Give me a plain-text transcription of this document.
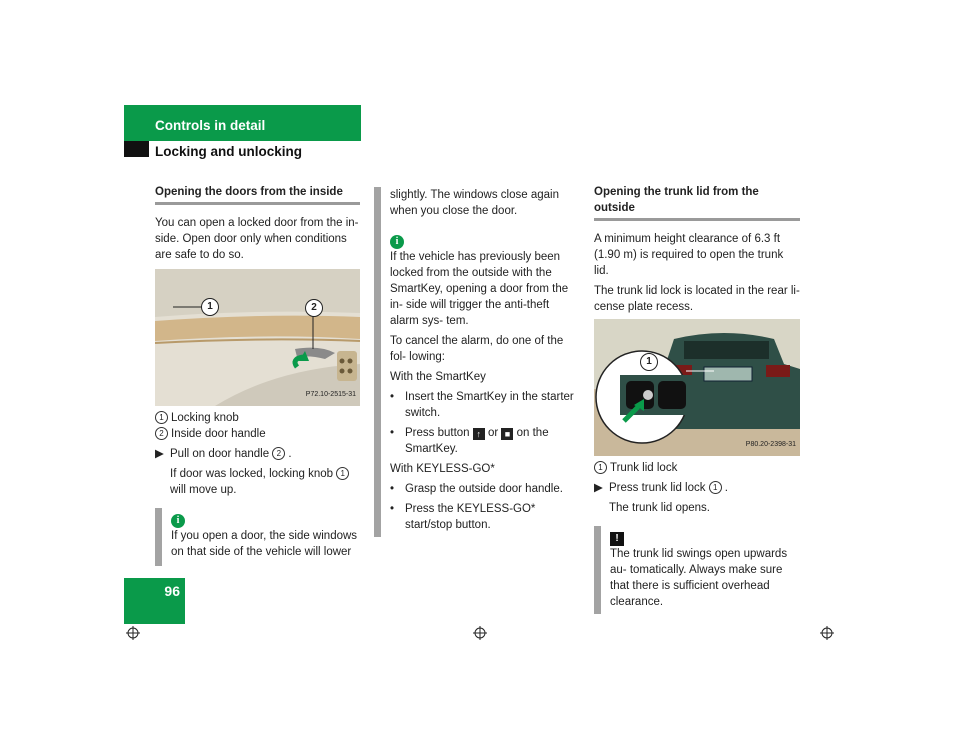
Controls in detail
Locking and unlocking
Opening the doors from the inside

You can open a locked door from the in- side. Open door only when conditions are safe to do so.

1	2
P72.10-2515-31
1 Locking knob
2 Inside door handle
▶ Pull on door handle 2 .
If door was locked, locking knob 1 will move up.
i
If you open a door, the side windows on that side of the vehicle will lower
slightly. The windows close again when you close the door.
i

If the vehicle has previously been locked from the outside with the SmartKey, opening a door from the in- side will trigger the anti-theft alarm sys- tem.

To cancel the alarm, do one of the fol- lowing:

With the SmartKey

• Insert the SmartKey in the starter switch.
• Press button ↑ or ■ on the SmartKey.

With KEYLESS-GO*

• Grasp the outside door handle.
• Press the KEYLESS-GO* start/stop button.
Opening the trunk lid from the outside

A minimum height clearance of 6.3 ft (1.90 m) is required to open the trunk lid.

The trunk lid lock is located in the rear li- cense plate recess.

1
P80.20-2398-31
1 Trunk lid lock
▶ Press trunk lid lock 1 .
The trunk lid opens.
!
The trunk lid swings open upwards au- tomatically. Always make sure that there is sufficient overhead clearance.
96
